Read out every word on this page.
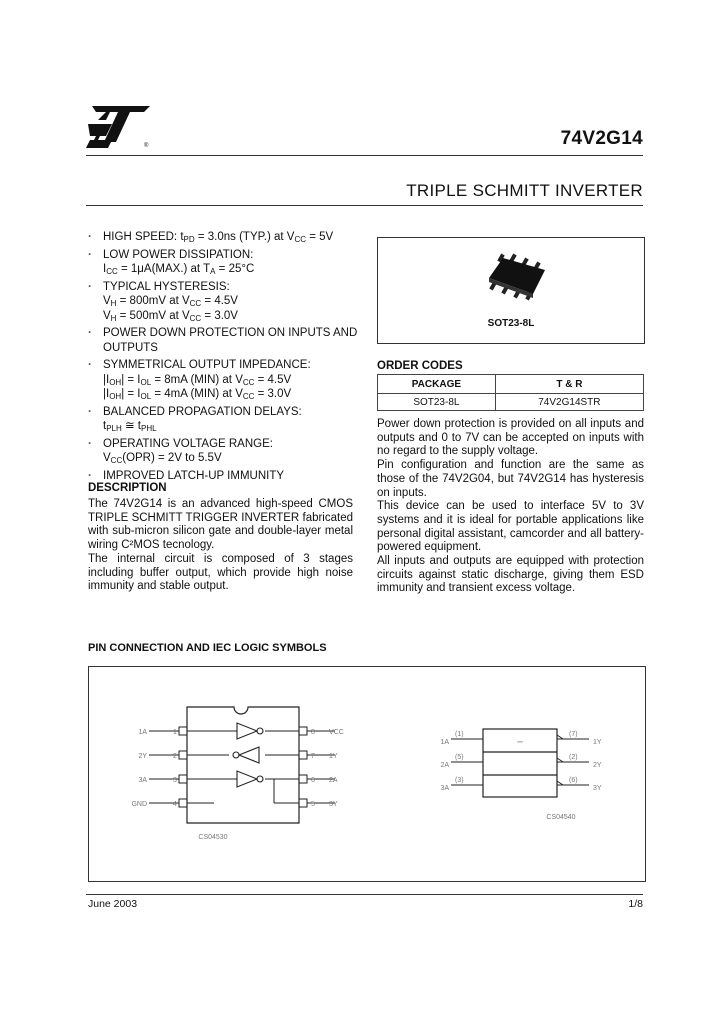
®	74V2G14
TRIPLE SCHMITT INVERTER
· HIGH SPEED: $t_{PD} = 3.0ns$ (TYP.) at $V_{CC} = 5V$
· LOW POWER DISSIPATION:
$I_{CC} = 1\mu A(MAX.)$ at $T_A = 25^\circ C$
· TYPICAL HYSTERESIS:
$V_H = 800mV$ at $V_{CC} = 4.5V$
$V_H = 500mV$ at $V_{CC} = 3.0V$
· POWER DOWN PROTECTION ON INPUTS AND OUTPUTS
· SYMMETRICAL OUTPUT IMPEDANCE:
$|I_{OH}| = I_{OL} = 8mA$ (MIN) at $V_{CC} = 4.5V$
$|I_{OH}| = I_{OL} = 4mA$ (MIN) at $V_{CC} = 3.0V$
· BALANCED PROPAGATION DELAYS:
$t_{PLH}$ ≅ $t_{PHL}$
· OPERATING VOLTAGE RANGE:
$V_{CC}(OPR) = 2V$ to 5.5V
· IMPROVED LATCH-UP IMMUNITY
DESCRIPTION

The 74V2G14 is an advanced high-speed CMOS TRIPLE SCHMITT TRIGGER INVERTER fabricated with sub-micron silicon gate and double-layer metal wiring C²MOS tecnology.

The internal circuit is composed of 3 stages including buffer output, which provide high noise immunity and stable output.

SOT23-8L
ORDER CODES
PACKAGE	T & R
SOT23-8L	74V2G14STR

Power down protection is provided on all inputs and outputs and 0 to 7V can be accepted on inputs with no regard to the supply voltage.

Pin configuration and function are the same as those of the 74V2G04, but 74V2G14 has hysteresis on inputs.

This device can be used to interface 5V to 3V systems and it is ideal for portable applications like personal digital assistant, camcorder and all battery-powered equipment.

All inputs and outputs are equipped with protection circuits against static discharge, giving them ESD immunity and transient excess voltage.

PIN CONNECTION AND IEC LOGIC SYMBOLS
1A
2Y
3A
GND
1
2
3
4
8
7
6
5
VCC
1Y
2A
3Y
CS04530
⎓
1A
2A
3A
(1)
(5)
(3)
(7)
(2)
(6)
1Y
2Y
3Y
CS04540
June 2003	1/8
